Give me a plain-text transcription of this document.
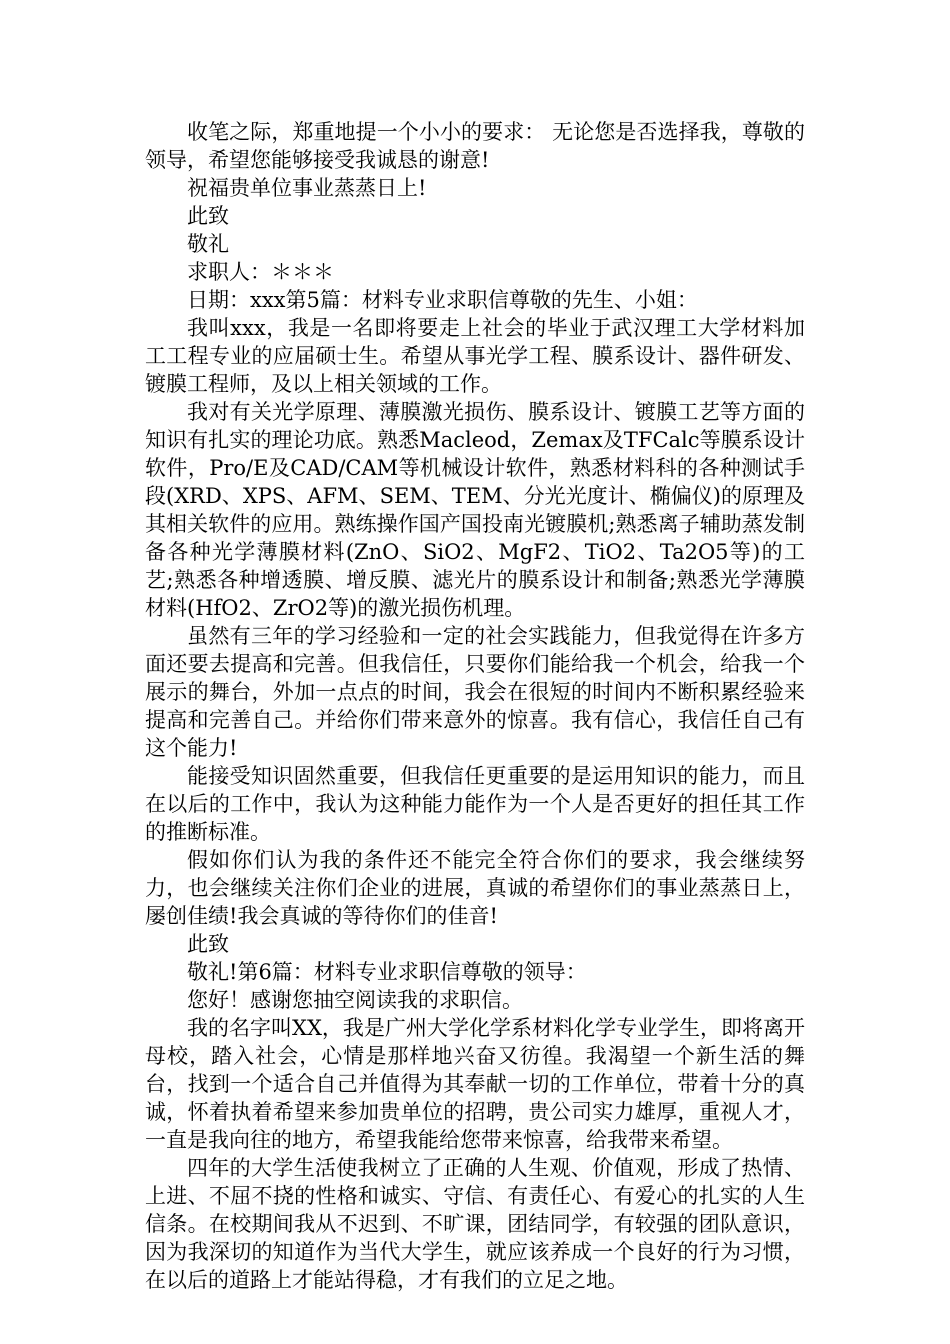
收笔之际，郑重地提一个小小的要求： 无论您是否选择我，尊敬的领导，希望您能够接受我诚恳的谢意!

祝福贵单位事业蒸蒸日上!

此致

敬礼

求职人：＊＊＊

日期：xxx第5篇：材料专业求职信尊敬的先生、小姐：

我叫xxx，我是一名即将要走上社会的毕业于武汉理工大学材料加工工程专业的应届硕士生。希望从事光学工程、膜系设计、器件研发、镀膜工程师，及以上相关领域的工作。

我对有关光学原理、薄膜激光损伤、膜系设计、镀膜工艺等方面的知识有扎实的理论功底。熟悉Macleod，Zemax及TFCalc等膜系设计软件，Pro/E及CAD/CAM等机械设计软件，熟悉材料科的各种测试手段(XRD、XPS、AFM、SEM、TEM、分光光度计、椭偏仪)的原理及其相关软件的应用。熟练操作国产国投南光镀膜机;熟悉离子辅助蒸发制备各种光学薄膜材料(ZnO、SiO2、MgF2、TiO2、Ta2O5等)的工艺;熟悉各种增透膜、增反膜、滤光片的膜系设计和制备;熟悉光学薄膜材料(HfO2、ZrO2等)的激光损伤机理。

虽然有三年的学习经验和一定的社会实践能力，但我觉得在许多方面还要去提高和完善。但我信任，只要你们能给我一个机会，给我一个展示的舞台，外加一点点的时间，我会在很短的时间内不断积累经验来提高和完善自己。并给你们带来意外的惊喜。我有信心，我信任自己有这个能力!

能接受知识固然重要，但我信任更重要的是运用知识的能力，而且在以后的工作中，我认为这种能力能作为一个人是否更好的担任其工作的推断标准。

假如你们认为我的条件还不能完全符合你们的要求，我会继续努力，也会继续关注你们企业的进展，真诚的希望你们的事业蒸蒸日上，屡创佳绩!我会真诚的等待你们的佳音!

此致

敬礼!第6篇：材料专业求职信尊敬的领导：

您好！感谢您抽空阅读我的求职信。

我的名字叫XX，我是广州大学化学系材料化学专业学生，即将离开母校，踏入社会，心情是那样地兴奋又彷徨。我渴望一个新生活的舞台，找到一个适合自己并值得为其奉献一切的工作单位，带着十分的真诚，怀着执着希望来参加贵单位的招聘，贵公司实力雄厚，重视人才，一直是我向往的地方，希望我能给您带来惊喜，给我带来希望。

四年的大学生活使我树立了正确的人生观、价值观，形成了热情、上进、不屈不挠的性格和诚实、守信、有责任心、有爱心的扎实的人生信条。在校期间我从不迟到、不旷课，团结同学，有较强的团队意识，因为我深切的知道作为当代大学生，就应该养成一个良好的行为习惯，在以后的道路上才能站得稳，才有我们的立足之地。
